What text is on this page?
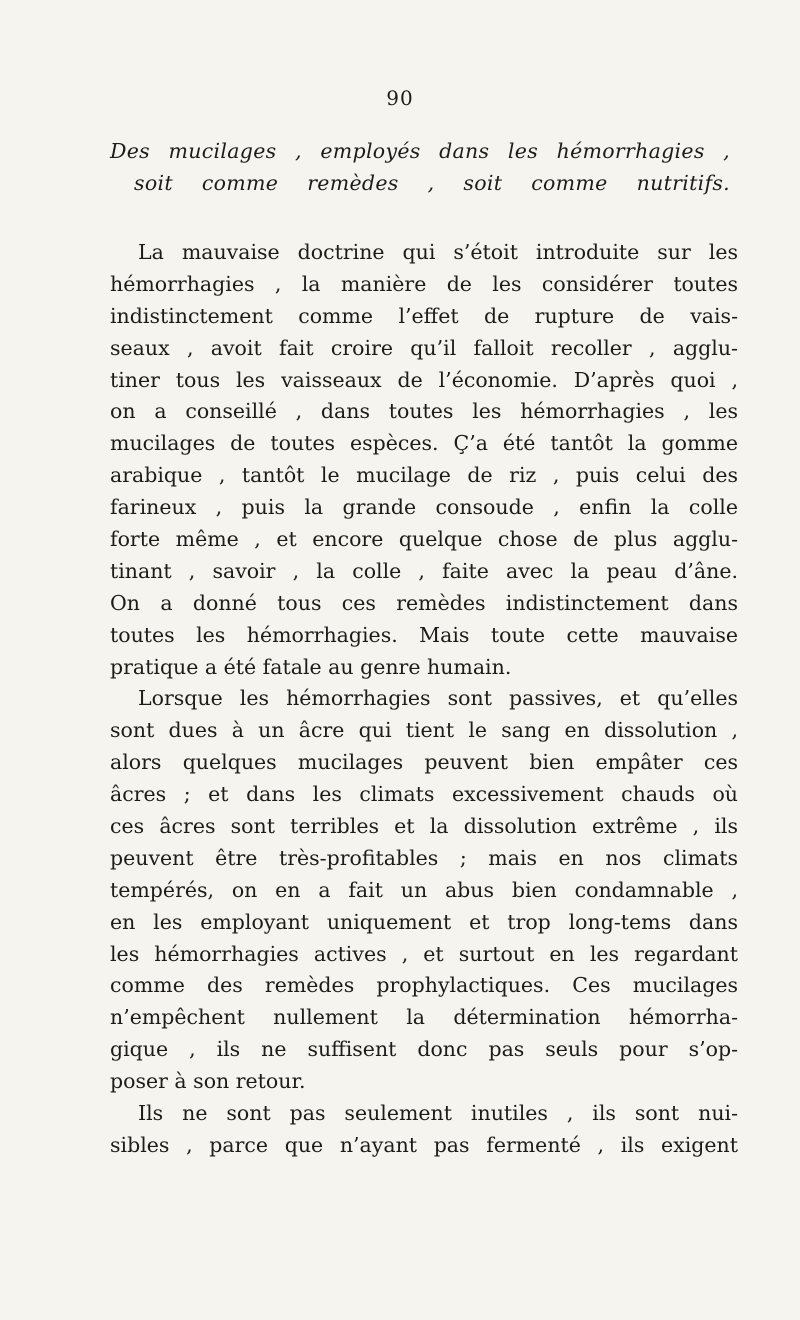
90
Des mucilages , employés dans les hémorrhagies ,
soit comme remèdes , soit comme nutritifs.
La mauvaise doctrine qui s’étoit introduite sur les
hémorrhagies , la manière de les considérer toutes
indistinctement comme l’effet de rupture de vais-
seaux , avoit fait croire qu’il falloit recoller , agglu-
tiner tous les vaisseaux de l’économie. D’après quoi ,
on a conseillé , dans toutes les hémorrhagies , les
mucilages de toutes espèces. Ç’a été tantôt la gomme
arabique , tantôt le mucilage de riz , puis celui des
farineux , puis la grande consoude , enfin la colle
forte même , et encore quelque chose de plus agglu-
tinant , savoir , la colle , faite avec la peau d’âne.
On a donné tous ces remèdes indistinctement dans
toutes les hémorrhagies. Mais toute cette mauvaise
pratique a été fatale au genre humain.
Lorsque les hémorrhagies sont passives, et qu’elles
sont dues à un âcre qui tient le sang en dissolution ,
alors quelques mucilages peuvent bien empâter ces
âcres ; et dans les climats excessivement chauds où
ces âcres sont terribles et la dissolution extrême , ils
peuvent être très-profitables ; mais en nos climats
tempérés, on en a fait un abus bien condamnable ,
en les employant uniquement et trop long-tems dans
les hémorrhagies actives , et surtout en les regardant
comme des remèdes prophylactiques. Ces mucilages
n’empêchent nullement la détermination hémorrha-
gique , ils ne suffisent donc pas seuls pour s’op-
poser à son retour.
Ils ne sont pas seulement inutiles , ils sont nui-
sibles , parce que n’ayant pas fermenté , ils exigent
